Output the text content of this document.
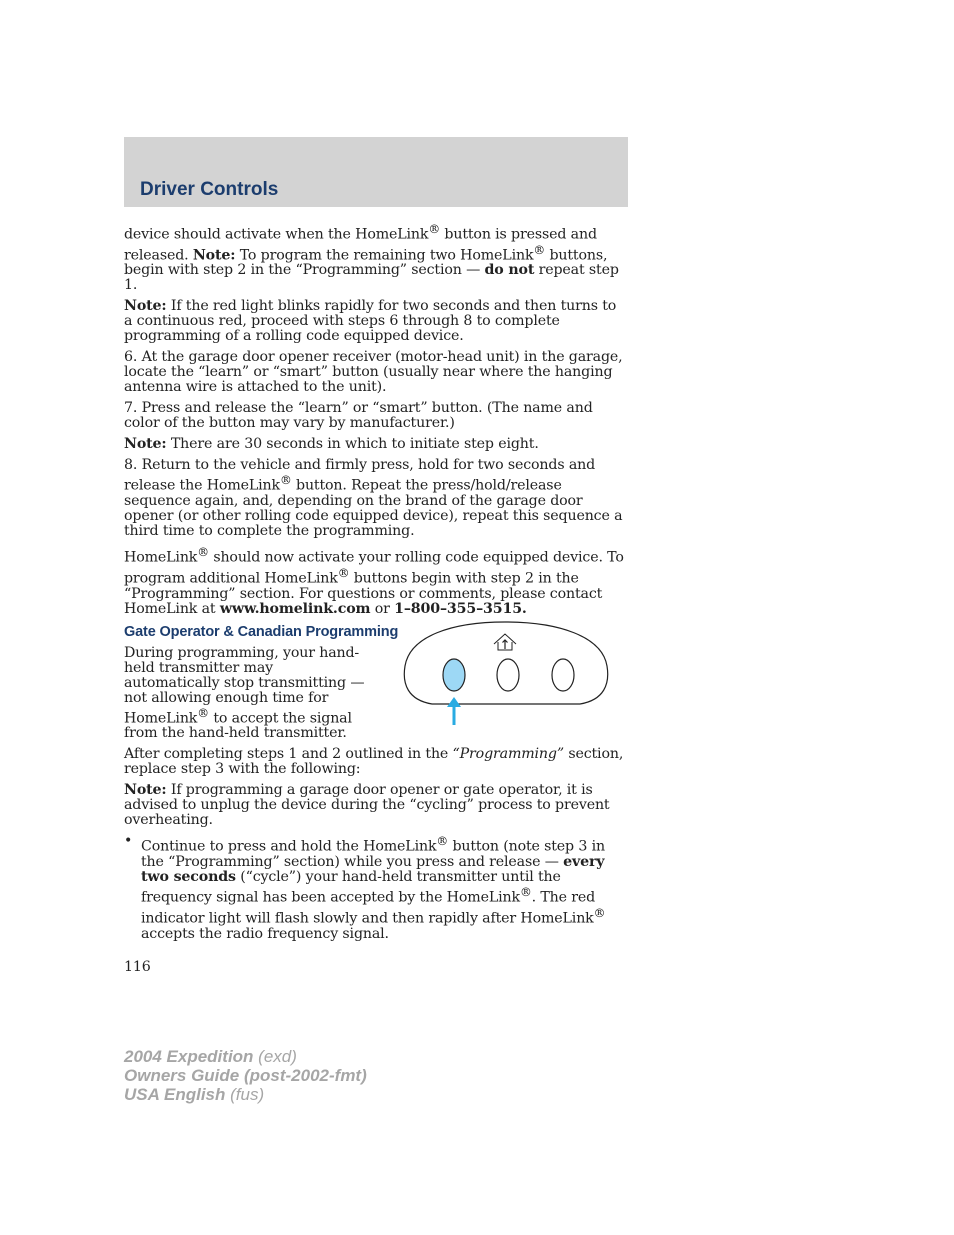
Driver Controls

device should activate when the HomeLink® button is pressed and released. Note: To program the remaining two HomeLink® buttons, begin with step 2 in the “Programming” section — do not repeat step 1.

Note: If the red light blinks rapidly for two seconds and then turns to a continuous red, proceed with steps 6 through 8 to complete programming of a rolling code equipped device.

6. At the garage door opener receiver (motor-head unit) in the garage, locate the “learn” or “smart” button (usually near where the hanging antenna wire is attached to the unit).

7. Press and release the “learn” or “smart” button. (The name and color of the button may vary by manufacturer.)

Note: There are 30 seconds in which to initiate step eight.

8. Return to the vehicle and firmly press, hold for two seconds and release the HomeLink® button. Repeat the press/hold/release sequence again, and, depending on the brand of the garage door opener (or other rolling code equipped device), repeat this sequence a third time to complete the programming.

HomeLink® should now activate your rolling code equipped device. To program additional HomeLink® buttons begin with step 2 in the “Programming” section. For questions or comments, please contact HomeLink at www.homelink.com or 1–800–355–3515.

Gate Operator & Canadian Programming

During programming, your hand-held transmitter may automatically stop transmitting — not allowing enough time for HomeLink® to accept the signal from the hand-held transmitter.

After completing steps 1 and 2 outlined in the “Programming” section, replace step 3 with the following:

Note: If programming a garage door opener or gate operator, it is advised to unplug the device during the “cycling” process to prevent overheating.

• Continue to press and hold the HomeLink® button (note step 3 in the “Programming” section) while you press and release — every two seconds (“cycle”) your hand-held transmitter until the frequency signal has been accepted by the HomeLink®. The red indicator light will flash slowly and then rapidly after HomeLink® accepts the radio frequency signal.
116
2004 Expedition (exd)
Owners Guide (post-2002-fmt)
USA English (fus)
